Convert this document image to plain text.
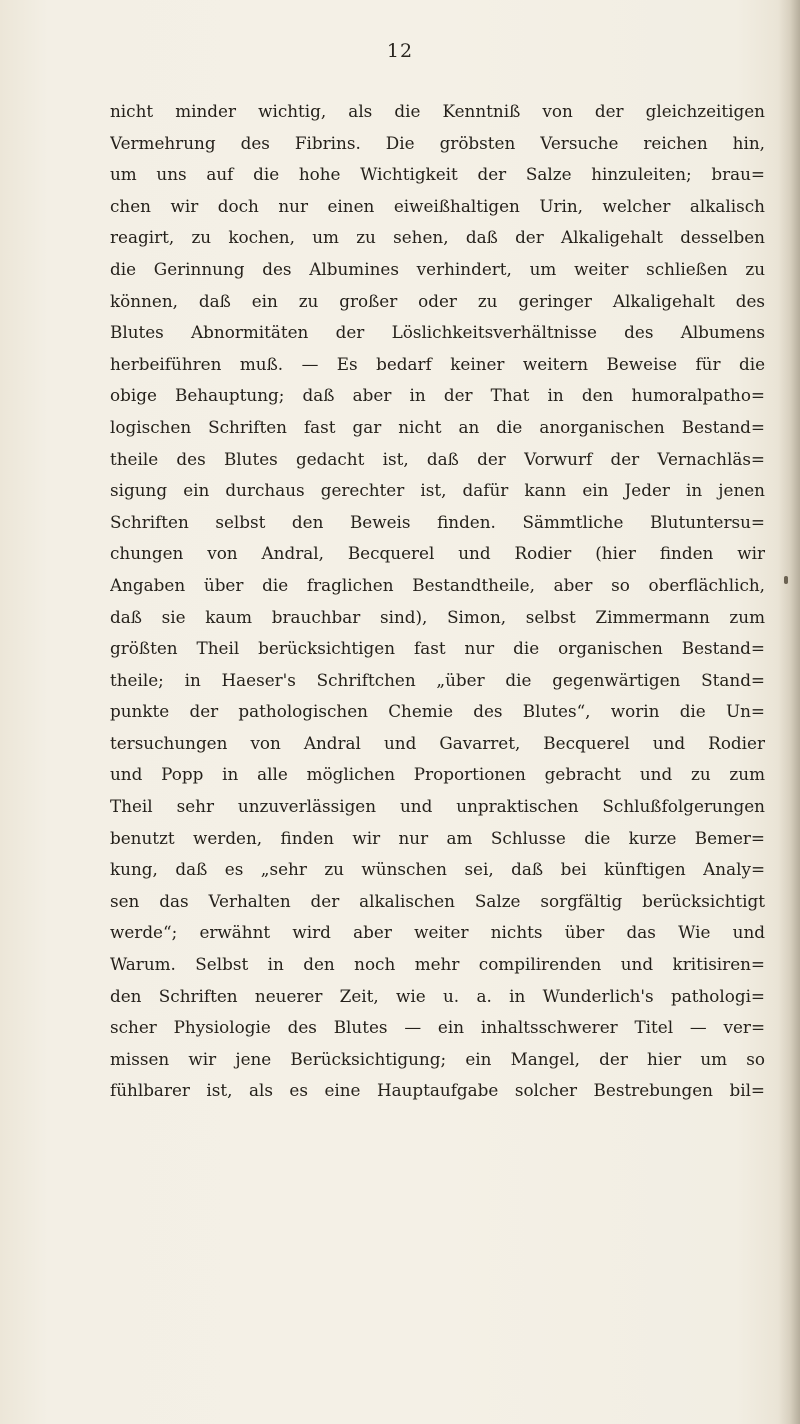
12
nicht minder wichtig, als die Kenntniß von der gleichzeitigen
Vermehrung des Fibrins. Die gröbsten Versuche reichen hin,
um uns auf die hohe Wichtigkeit der Salze hinzuleiten; brau=
chen wir doch nur einen eiweißhaltigen Urin, welcher alkalisch
reagirt, zu kochen, um zu sehen, daß der Alkaligehalt desselben
die Gerinnung des Albumines verhindert, um weiter schließen zu
können, daß ein zu großer oder zu geringer Alkaligehalt des
Blutes Abnormitäten der Löslichkeitsverhältnisse des Albumens
herbeiführen muß. — Es bedarf keiner weitern Beweise für die
obige Behauptung; daß aber in der That in den humoralpatho=
logischen Schriften fast gar nicht an die anorganischen Bestand=
theile des Blutes gedacht ist, daß der Vorwurf der Vernachläs=
sigung ein durchaus gerechter ist, dafür kann ein Jeder in jenen
Schriften selbst den Beweis finden. Sämmtliche Blutuntersu=
chungen von Andral, Becquerel und Rodier (hier finden wir
Angaben über die fraglichen Bestandtheile, aber so oberflächlich,
daß sie kaum brauchbar sind), Simon, selbst Zimmermann zum
größten Theil berücksichtigen fast nur die organischen Bestand=
theile; in Haeser's Schriftchen „über die gegenwärtigen Stand=
punkte der pathologischen Chemie des Blutes“, worin die Un=
tersuchungen von Andral und Gavarret, Becquerel und Rodier
und Popp in alle möglichen Proportionen gebracht und zu zum
Theil sehr unzuverlässigen und unpraktischen Schlußfolgerungen
benutzt werden, finden wir nur am Schlusse die kurze Bemer=
kung, daß es „sehr zu wünschen sei, daß bei künftigen Analy=
sen das Verhalten der alkalischen Salze sorgfältig berücksichtigt
werde“; erwähnt wird aber weiter nichts über das Wie und
Warum. Selbst in den noch mehr compilirenden und kritisiren=
den Schriften neuerer Zeit, wie u. a. in Wunderlich's pathologi=
scher Physiologie des Blutes — ein inhaltsschwerer Titel — ver=
missen wir jene Berücksichtigung; ein Mangel, der hier um so
fühlbarer ist, als es eine Hauptaufgabe solcher Bestrebungen bil=
